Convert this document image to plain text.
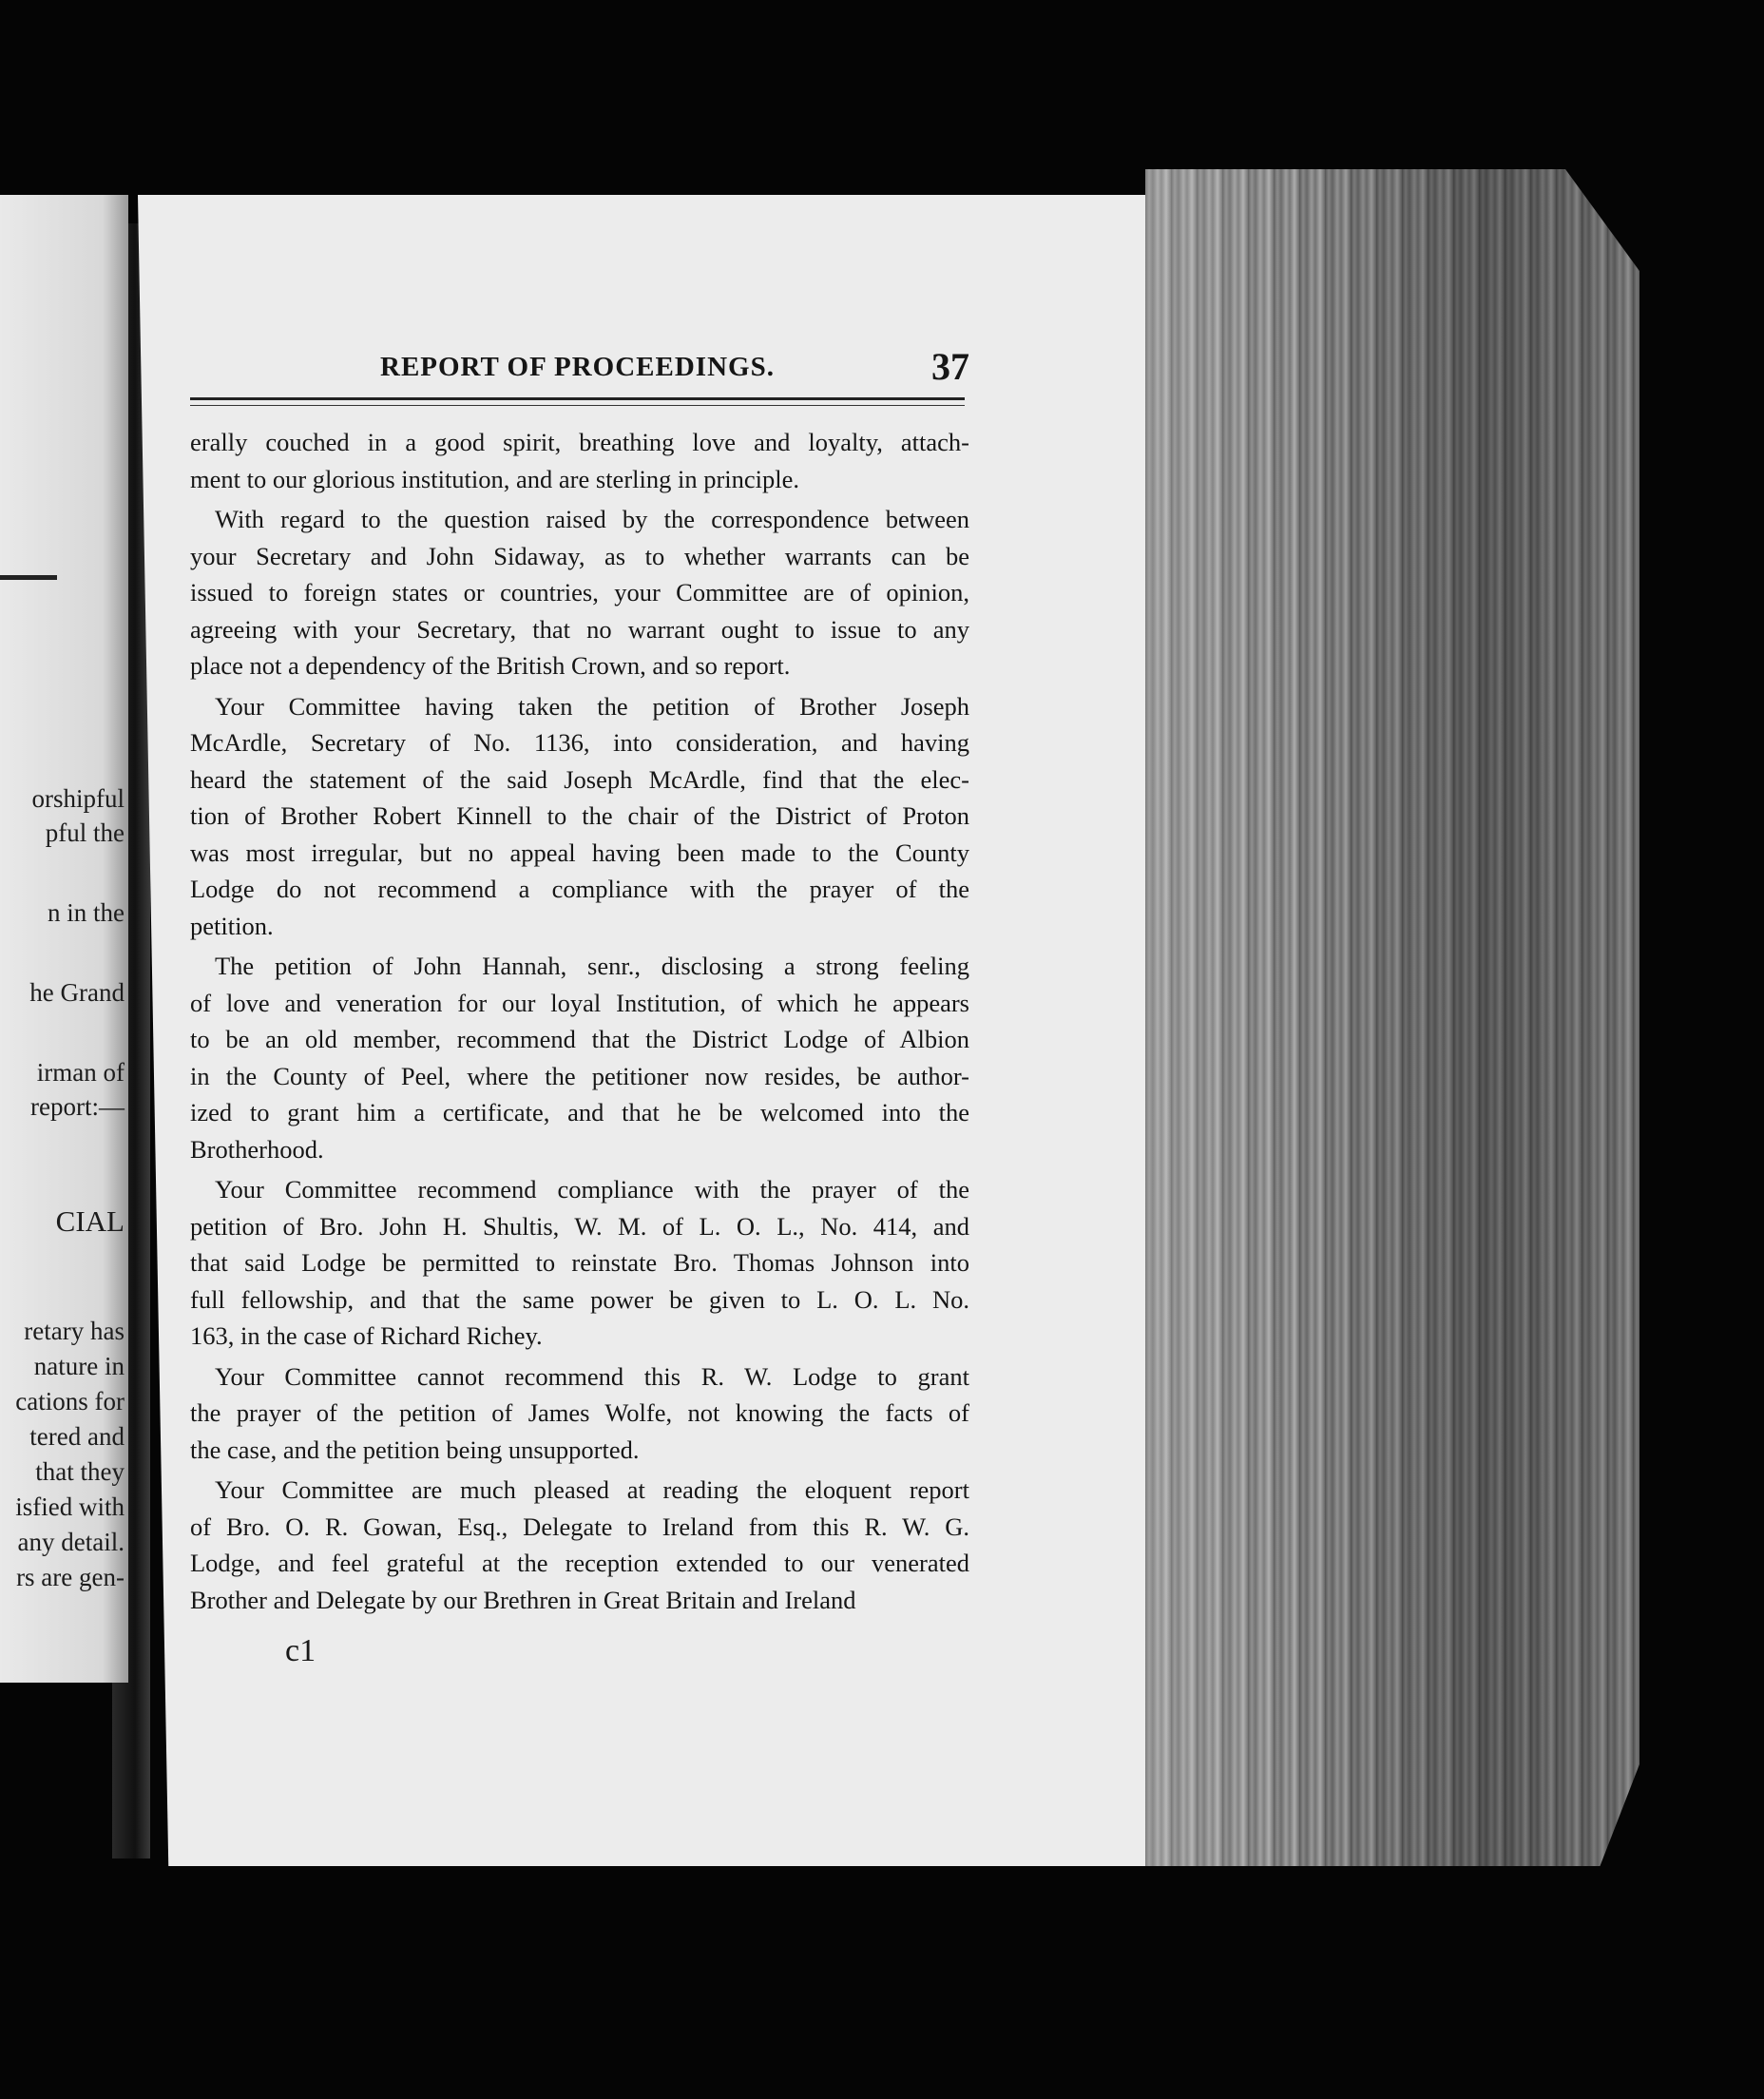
orshipful
pful the
n in the
he Grand
irman of
report:—
CIAL
retary has
nature in
cations for
tered and
that they
isfied with
any detail.
rs are gen-
REPORT OF PROCEEDINGS.	37
erally couched in a good spirit, breathing love and loyalty, attach-
ment to our glorious institution, and are sterling in principle.
With regard to the question raised by the correspondence between
your Secretary and John Sidaway, as to whether warrants can be
issued to foreign states or countries, your Committee are of opinion,
agreeing with your Secretary, that no warrant ought to issue to any
place not a dependency of the British Crown, and so report.
Your Committee having taken the petition of Brother Joseph
McArdle, Secretary of No. 1136, into consideration, and having
heard the statement of the said Joseph McArdle, find that the elec-
tion of Brother Robert Kinnell to the chair of the District of Proton
was most irregular, but no appeal having been made to the County
Lodge do not recommend a compliance with the prayer of the
petition.
The petition of John Hannah, senr., disclosing a strong feeling
of love and veneration for our loyal Institution, of which he appears
to be an old member, recommend that the District Lodge of Albion
in the County of Peel, where the petitioner now resides, be author-
ized to grant him a certificate, and that he be welcomed into the
Brotherhood.
Your Committee recommend compliance with the prayer of the
petition of Bro. John H. Shultis, W. M. of L. O. L., No. 414, and
that said Lodge be permitted to reinstate Bro. Thomas Johnson into
full fellowship, and that the same power be given to L. O. L. No.
163, in the case of Richard Richey.
Your Committee cannot recommend this R. W. Lodge to grant
the prayer of the petition of James Wolfe, not knowing the facts of
the case, and the petition being unsupported.
Your Committee are much pleased at reading the eloquent report
of Bro. O. R. Gowan, Esq., Delegate to Ireland from this R. W. G.
Lodge, and feel grateful at the reception extended to our venerated
Brother and Delegate by our Brethren in Great Britain and Ireland
c1
